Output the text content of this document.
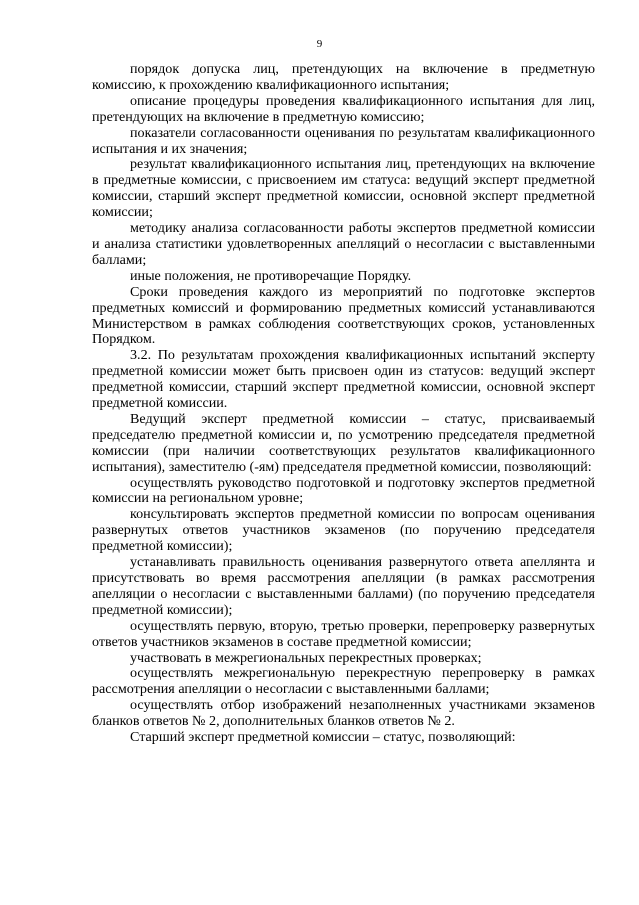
9

порядок допуска лиц, претендующих на включение в предметную комиссию, к прохождению квалификационного испытания;

описание процедуры проведения квалификационного испытания для лиц, претендующих на включение в предметную комиссию;

показатели согласованности оценивания по результатам квалификационного испытания и их значения;

результат квалификационного испытания лиц, претендующих на включение в предметные комиссии, с присвоением им статуса: ведущий эксперт предметной комиссии, старший эксперт предметной комиссии, основной эксперт предметной комиссии;

методику анализа согласованности работы экспертов предметной комиссии и анализа статистики удовлетворенных апелляций о несогласии с выставленными баллами;

иные положения, не противоречащие Порядку.

Сроки проведения каждого из мероприятий по подготовке экспертов предметных комиссий и формированию предметных комиссий устанавливаются Министерством в рамках соблюдения соответствующих сроков, установленных Порядком.

3.2. По результатам прохождения квалификационных испытаний эксперту предметной комиссии может быть присвоен один из статусов: ведущий эксперт предметной комиссии, старший эксперт предметной комиссии, основной эксперт предметной комиссии.

Ведущий эксперт предметной комиссии – статус, присваиваемый председателю предметной комиссии и, по усмотрению председателя предметной комиссии (при наличии соответствующих результатов квалификационного испытания), заместителю (-ям) председателя предметной комиссии, позволяющий:

осуществлять руководство подготовкой и подготовку экспертов предметной комиссии на региональном уровне;

консультировать экспертов предметной комиссии по вопросам оценивания развернутых ответов участников экзаменов (по поручению председателя предметной комиссии);

устанавливать правильность оценивания развернутого ответа апеллянта и присутствовать во время рассмотрения апелляции (в рамках рассмотрения апелляции о несогласии с выставленными баллами) (по поручению председателя предметной комиссии);

осуществлять первую, вторую, третью проверки, перепроверку развернутых ответов участников экзаменов в составе предметной комиссии;

участвовать в межрегиональных перекрестных проверках;

осуществлять межрегиональную перекрестную перепроверку в рамках рассмотрения апелляции о несогласии с выставленными баллами;

осуществлять отбор изображений незаполненных участниками экзаменов бланков ответов № 2, дополнительных бланков ответов № 2.

Старший эксперт предметной комиссии – статус, позволяющий:
